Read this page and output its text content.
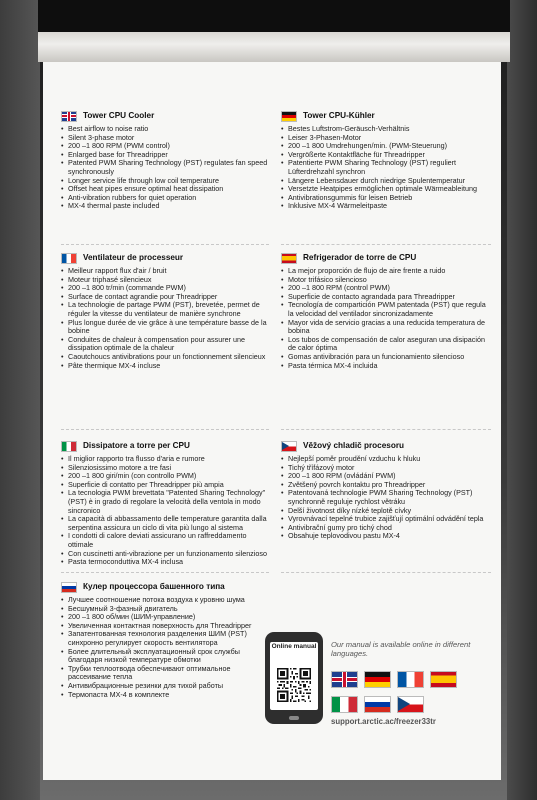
Tower CPU Cooler
• Best airflow to noise ratio
• Silent 3-phase motor
• 200 –1 800 RPM (PWM control)
• Enlarged base for Threadripper
• Patented PWM Sharing Technology (PST) regulates fan speed synchronously
• Longer service life through low coil temperature
• Offset heat pipes ensure optimal heat dissipation
• Anti-vibration rubbers for quiet operation
• MX-4 thermal paste included
Tower CPU-Kühler
• Bestes Luftstrom-Geräusch-Verhältnis
• Leiser 3-Phasen-Motor
• 200 –1 800 Umdrehungen/min. (PWM-Steuerung)
• Vergrößerte Kontaktfläche für Threadripper
• Patentierte PWM Sharing Technology (PST) reguliert Lüfterdrehzahl synchron
• Längere Lebensdauer durch niedrige Spulentemperatur
• Versetzte Heatpipes ermöglichen optimale Wärmeableitung
• Antivibrationsgummis für leisen Betrieb
• Inklusive MX-4 Wärmeleitpaste
Ventilateur de processeur
• Meilleur rapport flux d'air / bruit
• Moteur triphasé silencieux
• 200 –1 800 tr/min (commande PWM)
• Surface de contact agrandie pour Threadripper
• La technologie de partage PWM (PST), brevetée, permet de réguler la vitesse du ventilateur de manière synchrone
• Plus longue durée de vie grâce à une température basse de la bobine
• Conduites de chaleur à compensation pour assurer une dissipation optimale de la chaleur
• Caoutchoucs antivibrations pour un fonctionnement silencieux
• Pâte thermique MX-4 incluse
Refrigerador de torre de CPU
• La mejor proporción de flujo de aire frente a ruido
• Motor trifásico silencioso
• 200 –1 800 RPM (control PWM)
• Superficie de contacto agrandada para Threadripper
• Tecnología de compartición PWM patentada (PST) que regula la velocidad del ventilador sincronizadamente
• Mayor vida de servicio gracias a una reducida temperatura de bobina
• Los tubos de compensación de calor aseguran una disipación de calor óptima
• Gomas antivibración para un funcionamiento silencioso
• Pasta térmica MX-4 incluida
Dissipatore a torre per CPU
• Il miglior rapporto tra flusso d'aria e rumore
• Silenziosissimo motore a tre fasi
• 200 –1 800 giri/min (con controllo PWM)
• Superficie di contatto per Threadripper più ampia
• La tecnologia PWM brevettata "Patented Sharing Technology" (PST) è in grado di regolare la velocità della ventola in modo sincronico
• La capacità di abbassamento delle temperature garantita dalla serpentina assicura un ciclo di vita più lungo al sistema
• I condotti di calore deviati assicurano un raffreddamento ottimale
• Con cuscinetti anti-vibrazione per un funzionamento silenzioso
• Pasta termoconduttiva MX-4 inclusa
Věžový chladič procesoru
• Nejlepší poměr proudění vzduchu k hluku
• Tichý třífázový motor
• 200 –1 800 RPM (ovládání PWM)
• Zvětšený povrch kontaktu pro Threadripper
• Patentovaná technologie PWM Sharing Technology (PST) synchronně reguluje rychlost větráku
• Delší životnost díky nízké teplotě cívky
• Vyrovnávací tepelné trubice zajišťují optimální odvádění tepla
• Antivibrační gumy pro tichý chod
• Obsahuje teplovodivou pastu MX-4
Кулер процессора башенного типа
• Лучшее соотношение потока воздуха к уровню шума
• Бесшумный 3-фазный двигатель
• 200 –1 800 об/мин (ШИМ-управление)
• Увеличенная контактная поверхность для Threadripper
• Запатентованная технология разделения ШИМ (PST) синхронно регулирует скорость вентилятора
• Более длительный эксплуатационный срок службы благодаря низкой температуре обмотки
• Трубки теплоотвода обеспечивают оптимальное рассеивание тепла
• Антивибрационные резинки для тихой работы
• Термопаста MX-4 в комплекте
Online manual Our manual is available online in different languages.
support.arctic.ac/freezer33tr
